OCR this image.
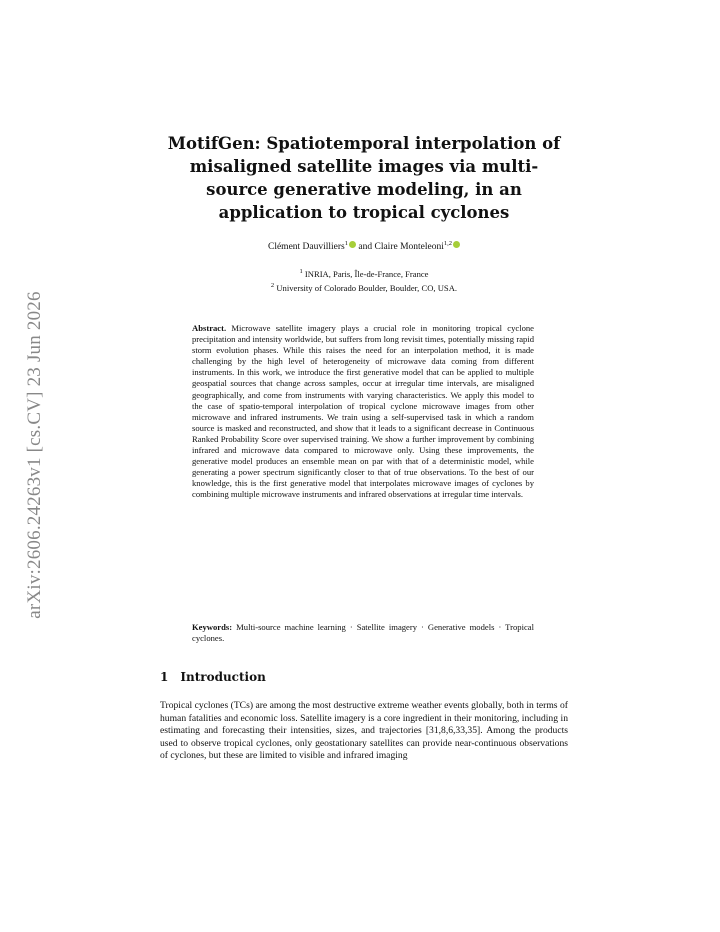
arXiv:2606.24263v1 [cs.CV] 23 Jun 2026
MotifGen: Spatiotemporal interpolation of misaligned satellite images via multi-source generative modeling, in an application to tropical cyclones
Clément Dauvilliers$^1$ and Claire Monteleoni$^{1,2}$
$^1$ INRIA, Paris, Île-de-France, France
$^2$ University of Colorado Boulder, Boulder, CO, USA.
Abstract. Microwave satellite imagery plays a crucial role in monitoring tropical cyclone precipitation and intensity worldwide, but suffers from long revisit times, potentially missing rapid storm evolution phases. While this raises the need for an interpolation method, it is made challenging by the high level of heterogeneity of microwave data coming from different instruments. In this work, we introduce the first generative model that can be applied to multiple geospatial sources that change across samples, occur at irregular time intervals, are misaligned geographically, and come from instruments with varying characteristics. We apply this model to the case of spatio-temporal interpolation of tropical cyclone microwave images from other microwave and infrared instruments. We train using a self-supervised task in which a random source is masked and reconstructed, and show that it leads to a significant decrease in Continuous Ranked Probability Score over supervised training. We show a further improvement by combining infrared and microwave data compared to microwave only. Using these improvements, the generative model produces an ensemble mean on par with that of a deterministic model, while generating a power spectrum significantly closer to that of true observations. To the best of our knowledge, this is the first generative model that interpolates microwave images of cyclones by combining multiple microwave instruments and infrared observations at irregular time intervals.
Keywords: Multi-source machine learning · Satellite imagery · Generative models · Tropical cyclones.
1 Introduction
Tropical cyclones (TCs) are among the most destructive extreme weather events globally, both in terms of human fatalities and economic loss. Satellite imagery is a core ingredient in their monitoring, including in estimating and forecasting their intensities, sizes, and trajectories [31,8,6,33,35]. Among the products used to observe tropical cyclones, only geostationary satellites can provide near-continuous observations of cyclones, but these are limited to visible and infrared imaging
